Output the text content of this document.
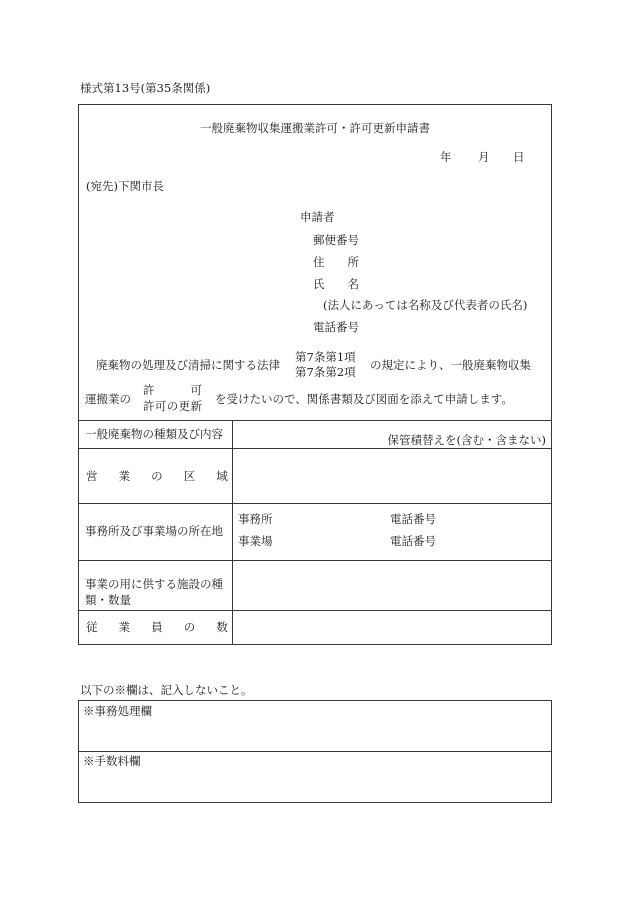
様式第13号(第35条関係)
一般廃棄物収集運搬業許可・許可更新申請書
年 月 日
(宛先)下関市長
申請者
郵便番号
住　　所
氏　　名
(法人にあっては名称及び代表者の氏名)
電話番号
廃棄物の処理及び清掃に関する法律
第7条第1項
第7条第2項 の規定により、一般廃棄物収集
運搬業の
許　　可
許可の更新 を受けたいので、関係書類及び図面を添えて申請します。
一般廃棄物の種類及び内容	保管積替えを(含む・含まない)
営　　業　　の　　区　　域
事務所及び事業場の所在地
事務所	電話番号
事業場	電話番号
事業の用に供する施設の種
類・数量
従　　業　　員　　の　　数
以下の※欄は、記入しないこと。
※事務処理欄
※手数料欄
